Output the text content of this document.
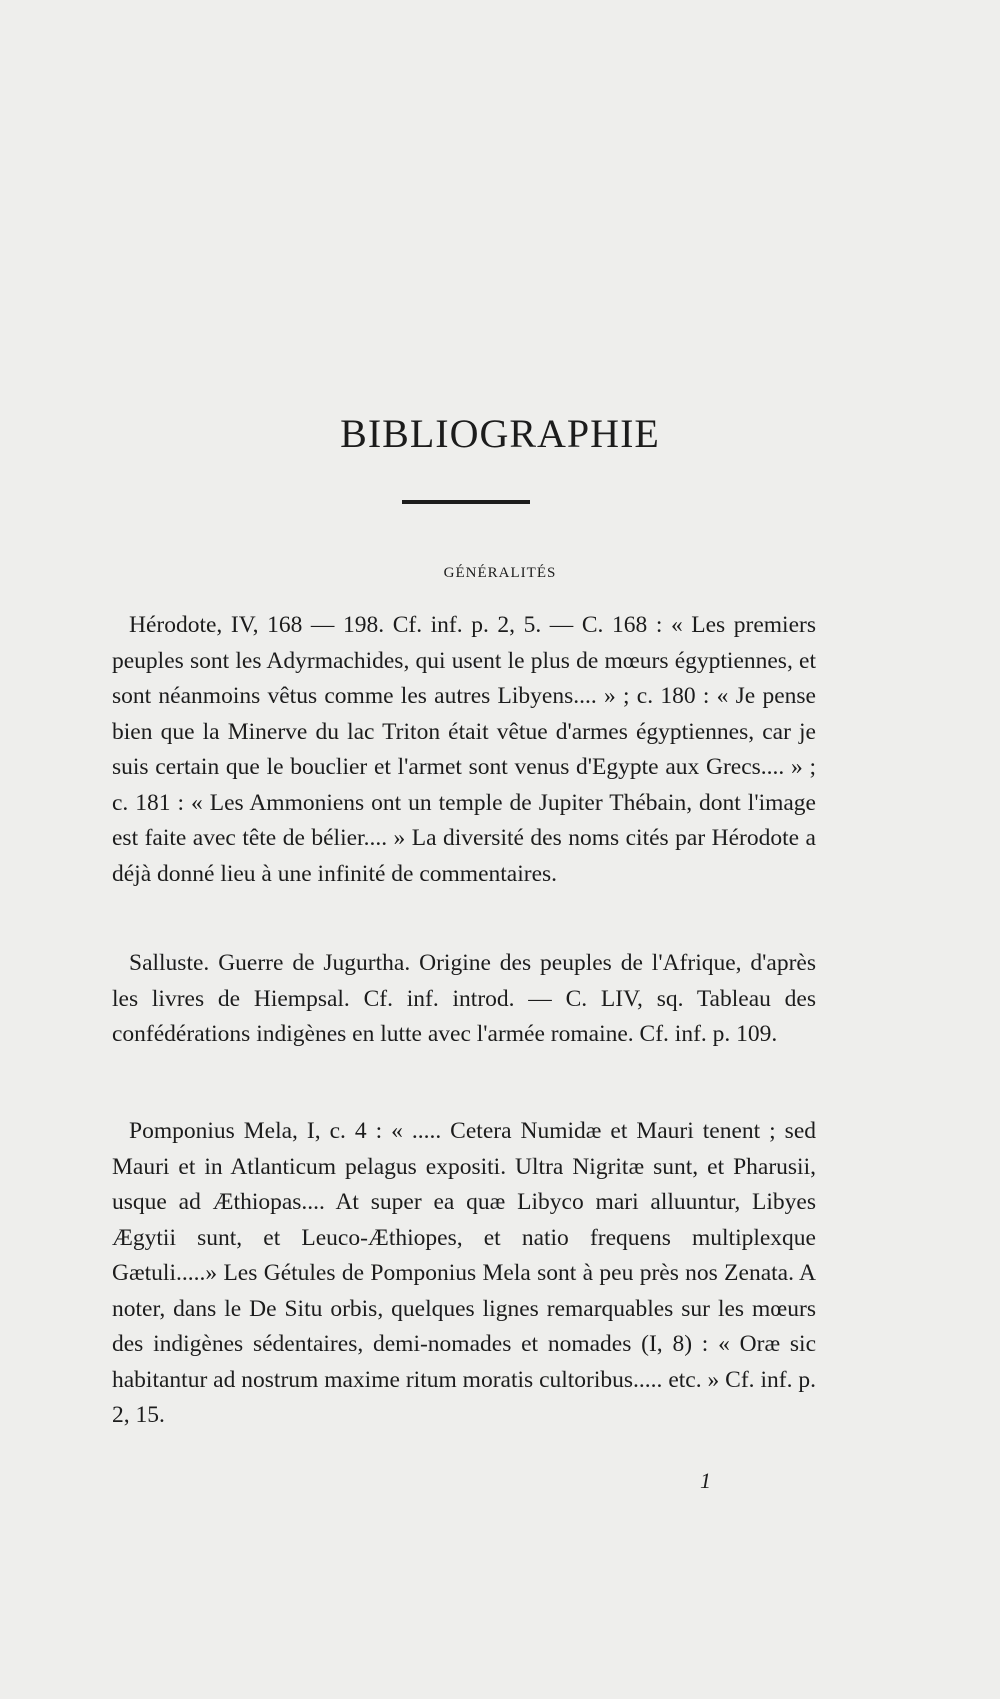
BIBLIOGRAPHIE
GÉNÉRALITÉS

Hérodote, IV, 168 — 198. Cf. inf. p. 2, 5. — C. 168 : « Les premiers peuples sont les Adyrmachides, qui usent le plus de mœurs égyptiennes, et sont néanmoins vêtus comme les autres Libyens.... » ; c. 180 : « Je pense bien que la Minerve du lac Triton était vêtue d'armes égyptiennes, car je suis certain que le bouclier et l'armet sont venus d'Egypte aux Grecs.... » ; c. 181 : « Les Ammoniens ont un temple de Jupiter Thébain, dont l'image est faite avec tête de bélier.... » La diversité des noms cités par Hérodote a déjà donné lieu à une infinité de commentaires.

Salluste. Guerre de Jugurtha. Origine des peuples de l'Afrique, d'après les livres de Hiempsal. Cf. inf. introd. — C. LIV, sq. Tableau des confédérations indigènes en lutte avec l'armée romaine. Cf. inf. p. 109.

Pomponius Mela, I, c. 4 : « ..... Cetera Numidæ et Mauri tenent ; sed Mauri et in Atlanticum pelagus expositi. Ultra Nigritæ sunt, et Pharusii, usque ad Æthiopas.... At super ea quæ Libyco mari alluuntur, Libyes Ægytii sunt, et Leuco-Æthiopes, et natio frequens multiplexque Gætuli.....» Les Gétules de Pomponius Mela sont à peu près nos Zenata. A noter, dans le De Situ orbis, quelques lignes remarquables sur les mœurs des indigènes sédentaires, demi-nomades et nomades (I, 8) : « Oræ sic habitantur ad nostrum maxime ritum moratis cultoribus..... etc. » Cf. inf. p. 2, 15.

1
